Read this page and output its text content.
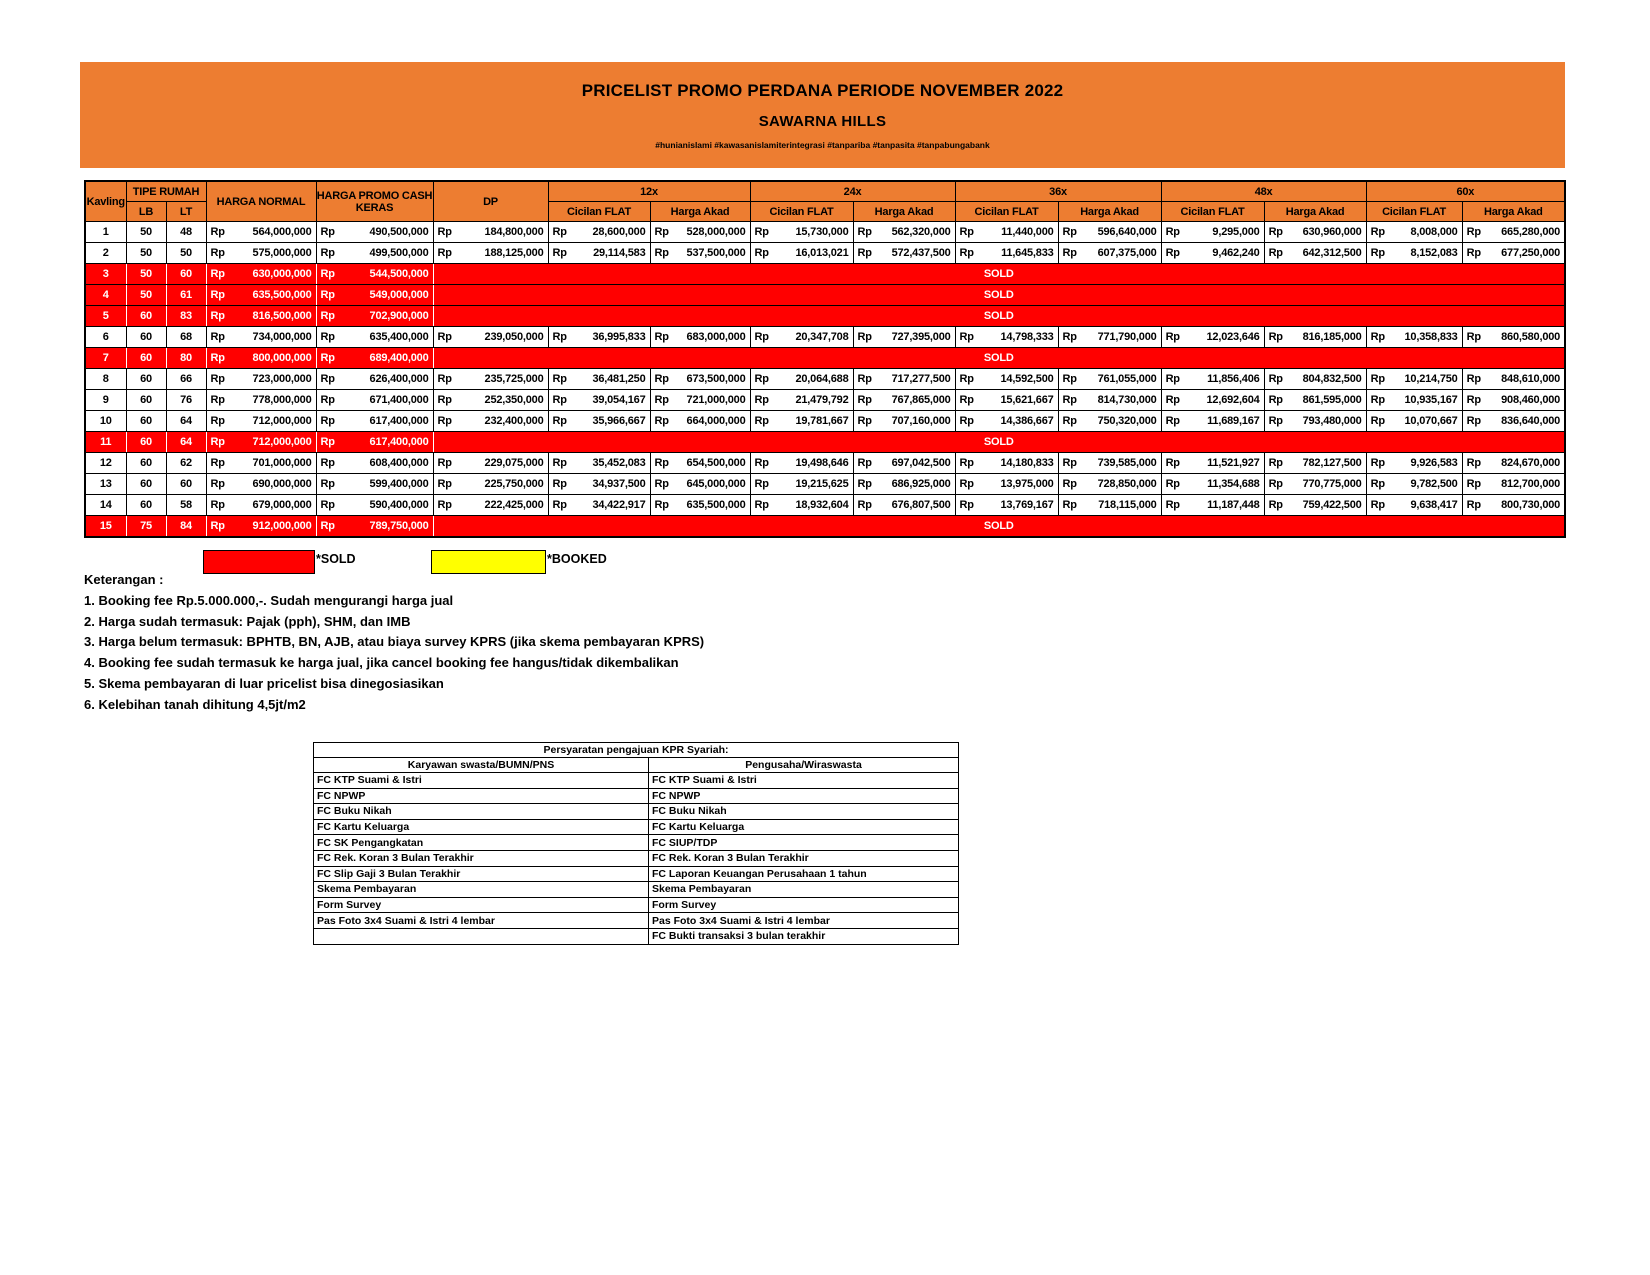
PRICELIST PROMO PERDANA PERIODE NOVEMBER 2022
SAWARNA HILLS
#hunianislami #kawasanislamiterintegrasi #tanpariba #tanpasita #tanpabungabank
Kavling	TIPE RUMAH		HARGA NORMAL	HARGA PROMO CASH KERAS	DP	12x		24x		36x		48x		60x	
	LB	LT				Cicilan FLAT	Harga Akad	Cicilan FLAT	Harga Akad	Cicilan FLAT	Harga Akad	Cicilan FLAT	Harga Akad	Cicilan FLAT	Harga Akad
1	50	48	Rp 564,000,000	Rp 490,500,000	Rp 184,800,000	Rp 28,600,000	Rp 528,000,000	Rp 15,730,000	Rp 562,320,000	Rp 11,440,000	Rp 596,640,000	Rp 9,295,000	Rp 630,960,000	Rp 8,008,000	Rp 665,280,000

2	50	50	Rp 575,000,000	Rp 499,500,000	Rp 188,125,000	Rp 29,114,583	Rp 537,500,000	Rp 16,013,021	Rp 572,437,500	Rp 11,645,833	Rp 607,375,000	Rp 9,462,240	Rp 642,312,500	Rp 8,152,083	Rp 677,250,000

3	50	60	Rp 630,000,000	Rp 544,500,000	SOLD										
4	50	61	Rp 635,500,000	Rp 549,000,000	SOLD										
5	60	83	Rp 816,500,000	Rp 702,900,000	SOLD										
6	60	68	Rp 734,000,000	Rp 635,400,000	Rp 239,050,000	Rp 36,995,833	Rp 683,000,000	Rp 20,347,708	Rp 727,395,000	Rp 14,798,333	Rp 771,790,000	Rp 12,023,646	Rp 816,185,000	Rp 10,358,833	Rp 860,580,000

7	60	80	Rp 800,000,000	Rp 689,400,000	SOLD										
8	60	66	Rp 723,000,000	Rp 626,400,000	Rp 235,725,000	Rp 36,481,250	Rp 673,500,000	Rp 20,064,688	Rp 717,277,500	Rp 14,592,500	Rp 761,055,000	Rp 11,856,406	Rp 804,832,500	Rp 10,214,750	Rp 848,610,000

9	60	76	Rp 778,000,000	Rp 671,400,000	Rp 252,350,000	Rp 39,054,167	Rp 721,000,000	Rp 21,479,792	Rp 767,865,000	Rp 15,621,667	Rp 814,730,000	Rp 12,692,604	Rp 861,595,000	Rp 10,935,167	Rp 908,460,000

10	60	64	Rp 712,000,000	Rp 617,400,000	Rp 232,400,000	Rp 35,966,667	Rp 664,000,000	Rp 19,781,667	Rp 707,160,000	Rp 14,386,667	Rp 750,320,000	Rp 11,689,167	Rp 793,480,000	Rp 10,070,667	Rp 836,640,000

11	60	64	Rp 712,000,000	Rp 617,400,000	SOLD										
12	60	62	Rp 701,000,000	Rp 608,400,000	Rp 229,075,000	Rp 35,452,083	Rp 654,500,000	Rp 19,498,646	Rp 697,042,500	Rp 14,180,833	Rp 739,585,000	Rp 11,521,927	Rp 782,127,500	Rp 9,926,583	Rp 824,670,000

13	60	60	Rp 690,000,000	Rp 599,400,000	Rp 225,750,000	Rp 34,937,500	Rp 645,000,000	Rp 19,215,625	Rp 686,925,000	Rp 13,975,000	Rp 728,850,000	Rp 11,354,688	Rp 770,775,000	Rp 9,782,500	Rp 812,700,000

14	60	58	Rp 679,000,000	Rp 590,400,000	Rp 222,425,000	Rp 34,422,917	Rp 635,500,000	Rp 18,932,604	Rp 676,807,500	Rp 13,769,167	Rp 718,115,000	Rp 11,187,448	Rp 759,422,500	Rp 9,638,417	Rp 800,730,000

15	75	84	Rp 912,000,000	Rp 789,750,000	SOLD										
*SOLD	*BOOKED
Keterangan :
1. Booking fee Rp.5.000.000,-. Sudah mengurangi harga jual
2. Harga sudah termasuk: Pajak (pph), SHM, dan IMB
3. Harga belum termasuk: BPHTB, BN, AJB, atau biaya survey KPRS (jika skema pembayaran KPRS)
4. Booking fee sudah termasuk ke harga jual, jika cancel booking fee hangus/tidak dikembalikan
5. Skema pembayaran di luar pricelist bisa dinegosiasikan
6. Kelebihan tanah dihitung 4,5jt/m2
Persyaratan pengajuan KPR Syariah:	
Karyawan swasta/BUMN/PNS	Pengusaha/Wiraswasta
FC KTP Suami & Istri	FC KTP Suami & Istri
FC NPWP	FC NPWP
FC Buku Nikah	FC Buku Nikah
FC Kartu Keluarga	FC Kartu Keluarga
FC SK Pengangkatan	FC SIUP/TDP
FC Rek. Koran 3 Bulan Terakhir	FC Rek. Koran 3 Bulan Terakhir
FC Slip Gaji 3 Bulan Terakhir	FC Laporan Keuangan Perusahaan 1 tahun
Skema Pembayaran	Skema Pembayaran
Form Survey	Form Survey
Pas Foto 3x4 Suami & Istri 4 lembar	Pas Foto 3x4 Suami & Istri 4 lembar
	FC Bukti transaksi 3 bulan terakhir
